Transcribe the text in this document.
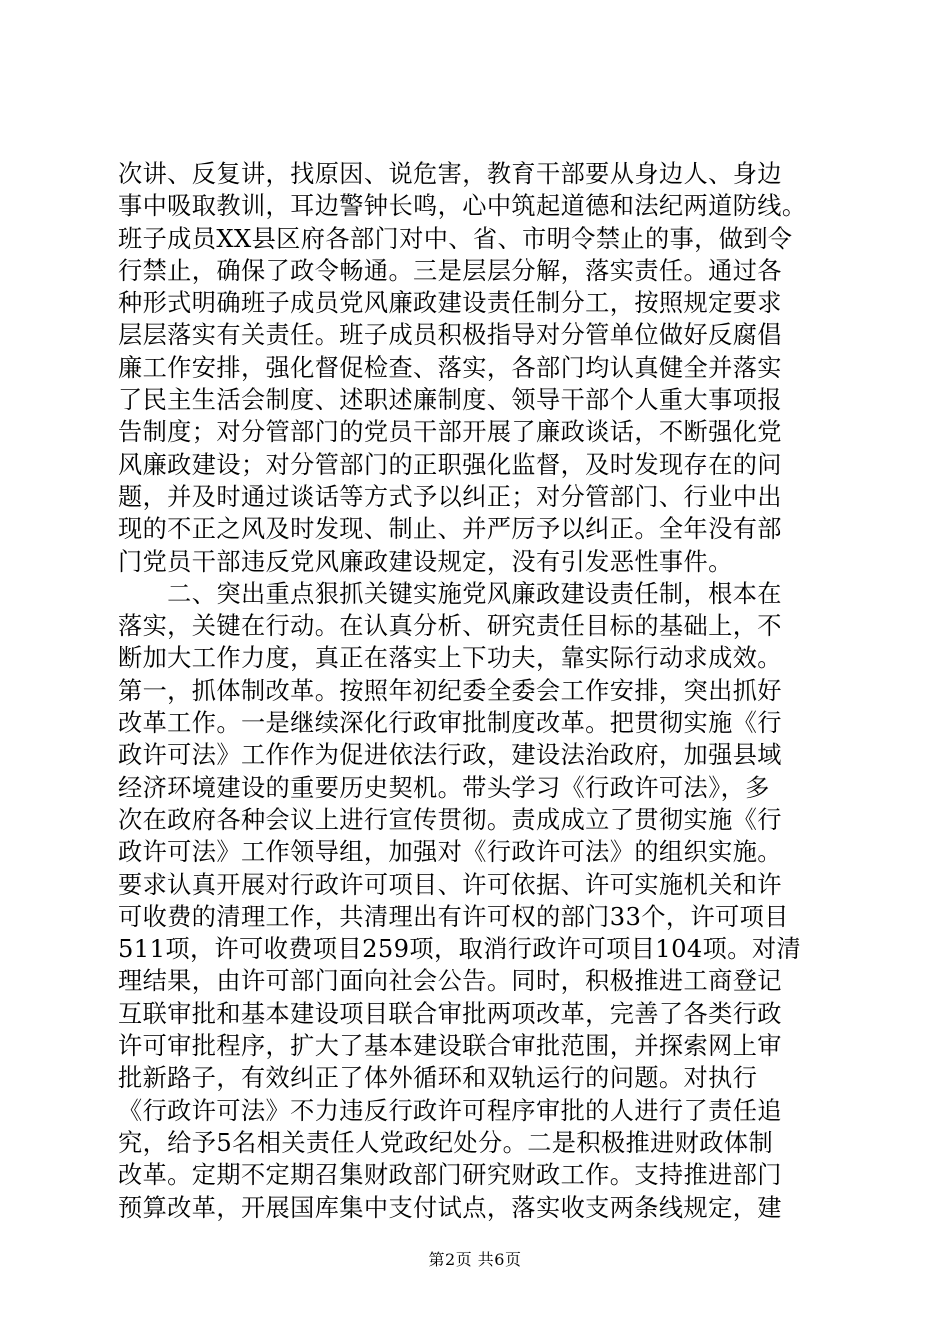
次讲、反复讲，找原因、说危害，教育干部要从身边人、身边
事中吸取教训，耳边警钟长鸣，心中筑起道德和法纪两道防线。
班子成员XX县区府各部门对中、省、市明令禁止的事，做到令
行禁止，确保了政令畅通。三是层层分解，落实责任。通过各
种形式明确班子成员党风廉政建设责任制分工，按照规定要求
层层落实有关责任。班子成员积极指导对分管单位做好反腐倡
廉工作安排，强化督促检查、落实，各部门均认真健全并落实
了民主生活会制度、述职述廉制度、领导干部个人重大事项报
告制度；对分管部门的党员干部开展了廉政谈话，不断强化党
风廉政建设；对分管部门的正职强化监督，及时发现存在的问
题，并及时通过谈话等方式予以纠正；对分管部门、行业中出
现的不正之风及时发现、制止、并严厉予以纠正。全年没有部
门党员干部违反党风廉政建设规定，没有引发恶性事件。
　　二、突出重点狠抓关键实施党风廉政建设责任制，根本在
落实，关键在行动。在认真分析、研究责任目标的基础上，不
断加大工作力度，真正在落实上下功夫，靠实际行动求成效。
第一，抓体制改革。按照年初纪委全委会工作安排，突出抓好
改革工作。一是继续深化行政审批制度改革。把贯彻实施《行
政许可法》工作作为促进依法行政，建设法治政府，加强县域
经济环境建设的重要历史契机。带头学习《行政许可法》，多
次在政府各种会议上进行宣传贯彻。责成成立了贯彻实施《行
政许可法》工作领导组，加强对《行政许可法》的组织实施。
要求认真开展对行政许可项目、许可依据、许可实施机关和许
可收费的清理工作，共清理出有许可权的部门33个，许可项目
511项，许可收费项目259项，取消行政许可项目104项。对清
理结果，由许可部门面向社会公告。同时，积极推进工商登记
互联审批和基本建设项目联合审批两项改革，完善了各类行政
许可审批程序，扩大了基本建设联合审批范围，并探索网上审
批新路子，有效纠正了体外循环和双轨运行的问题。对执行
《行政许可法》不力违反行政许可程序审批的人进行了责任追
究，给予5名相关责任人党政纪处分。二是积极推进财政体制
改革。定期不定期召集财政部门研究财政工作。支持推进部门
预算改革，开展国库集中支付试点，落实收支两条线规定，建
第2页 共6页
